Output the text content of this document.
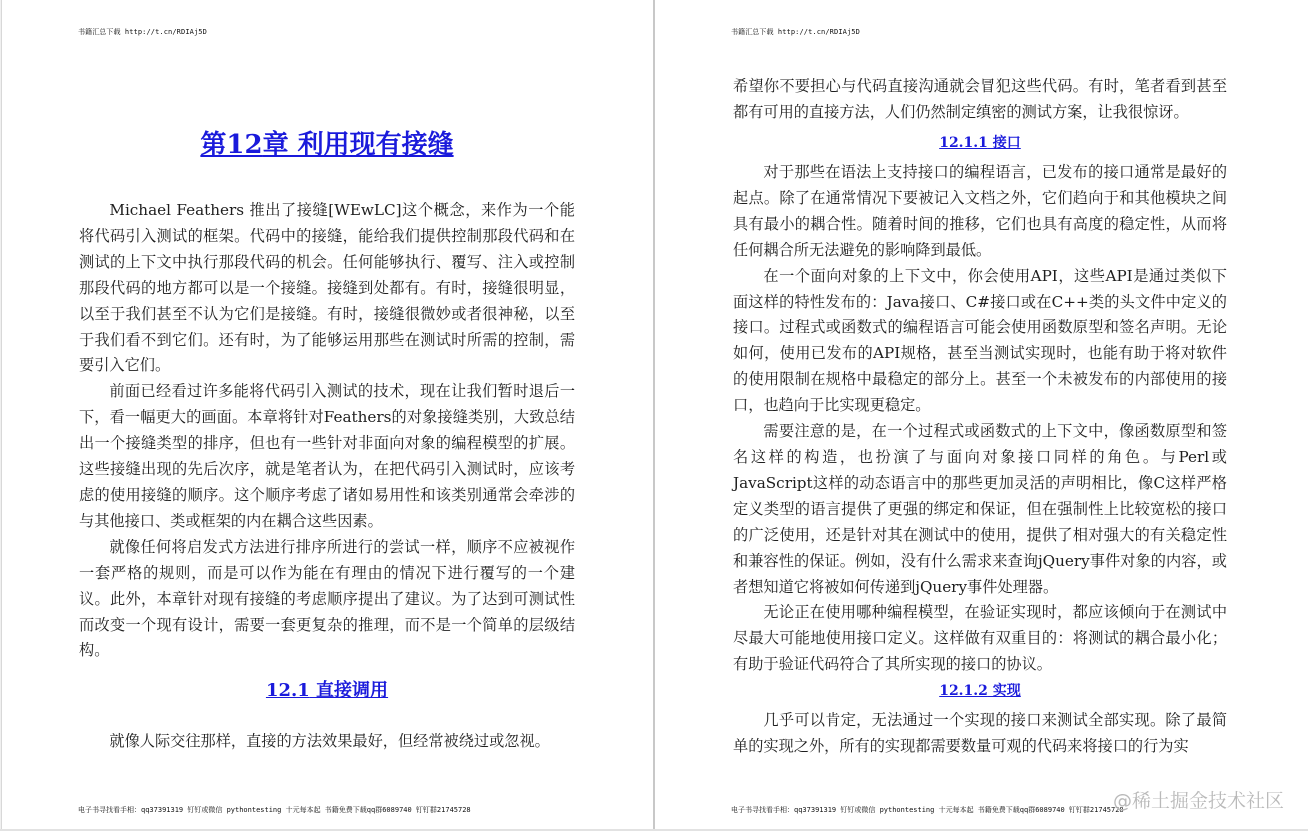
书籍汇总下载 http://t.cn/RDIAj5D
第12章 利用现有接缝

Michael Feathers 推出了接缝[WEwLC]这个概念，来作为一个能将代码引入测试的框架。代码中的接缝，能给我们提供控制那段代码和在测试的上下文中执行那段代码的机会。任何能够执行、覆写、注入或控制那段代码的地方都可以是一个接缝。接缝到处都有。有时，接缝很明显，以至于我们甚至不认为它们是接缝。有时，接缝很微妙或者很神秘，以至于我们看不到它们。还有时，为了能够运用那些在测试时所需的控制，需要引入它们。

前面已经看过许多能将代码引入测试的技术，现在让我们暂时退后一下，看一幅更大的画面。本章将针对Feathers的对象接缝类别，大致总结出一个接缝类型的排序，但也有一些针对非面向对象的编程模型的扩展。这些接缝出现的先后次序，就是笔者认为，在把代码引入测试时，应该考虑的使用接缝的顺序。这个顺序考虑了诸如易用性和该类别通常会牵涉的与其他接口、类或框架的内在耦合这些因素。

就像任何将启发式方法进行排序所进行的尝试一样，顺序不应被视作一套严格的规则，而是可以作为能在有理由的情况下进行覆写的一个建议。此外，本章针对现有接缝的考虑顺序提出了建议。为了达到可测试性而改变一个现有设计，需要一套更复杂的推理，而不是一个简单的层级结构。

12.1 直接调用

就像人际交往那样，直接的方法效果最好，但经常被绕过或忽视。

电子书寻找看手相：qq37391319 钉钉或微信 pythontesting 十元每本起 书籍免费下载qq群6089740 钉钉群21745728
书籍汇总下载 http://t.cn/RDIAj5D

希望你不要担心与代码直接沟通就会冒犯这些代码。有时，笔者看到甚至都有可用的直接方法，人们仍然制定缜密的测试方案，让我很惊讶。

12.1.1 接口

对于那些在语法上支持接口的编程语言，已发布的接口通常是最好的起点。除了在通常情况下要被记入文档之外，它们趋向于和其他模块之间具有最小的耦合性。随着时间的推移，它们也具有高度的稳定性，从而将任何耦合所无法避免的影响降到最低。

在一个面向对象的上下文中，你会使用API，这些API是通过类似下面这样的特性发布的：Java接口、C#接口或在C++类的头文件中定义的接口。过程式或函数式的编程语言可能会使用函数原型和签名声明。无论如何，使用已发布的API规格，甚至当测试实现时，也能有助于将对软件的使用限制在规格中最稳定的部分上。甚至一个未被发布的内部使用的接口，也趋向于比实现更稳定。

需要注意的是，在一个过程式或函数式的上下文中，像函数原型和签名这样的构造，也扮演了与面向对象接口同样的角色。与Perl或JavaScript这样的动态语言中的那些更加灵活的声明相比，像C这样严格定义类型的语言提供了更强的绑定和保证，但在强制性上比较宽松的接口的广泛使用，还是针对其在测试中的使用，提供了相对强大的有关稳定性和兼容性的保证。例如，没有什么需求来查询jQuery事件对象的内容，或者想知道它将被如何传递到jQuery事件处理器。

无论正在使用哪种编程模型，在验证实现时，都应该倾向于在测试中尽最大可能地使用接口定义。这样做有双重目的：将测试的耦合最小化；有助于验证代码符合了其所实现的接口的协议。

12.1.2 实现

几乎可以肯定，无法通过一个实现的接口来测试全部实现。除了最简单的实现之外，所有的实现都需要数量可观的代码来将接口的行为实

电子书寻找看手相：qq37391319 钉钉或微信 pythontesting 十元每本起 书籍免费下载qq群6089740 钉钉群21745728
@稀土掘金技术社区
